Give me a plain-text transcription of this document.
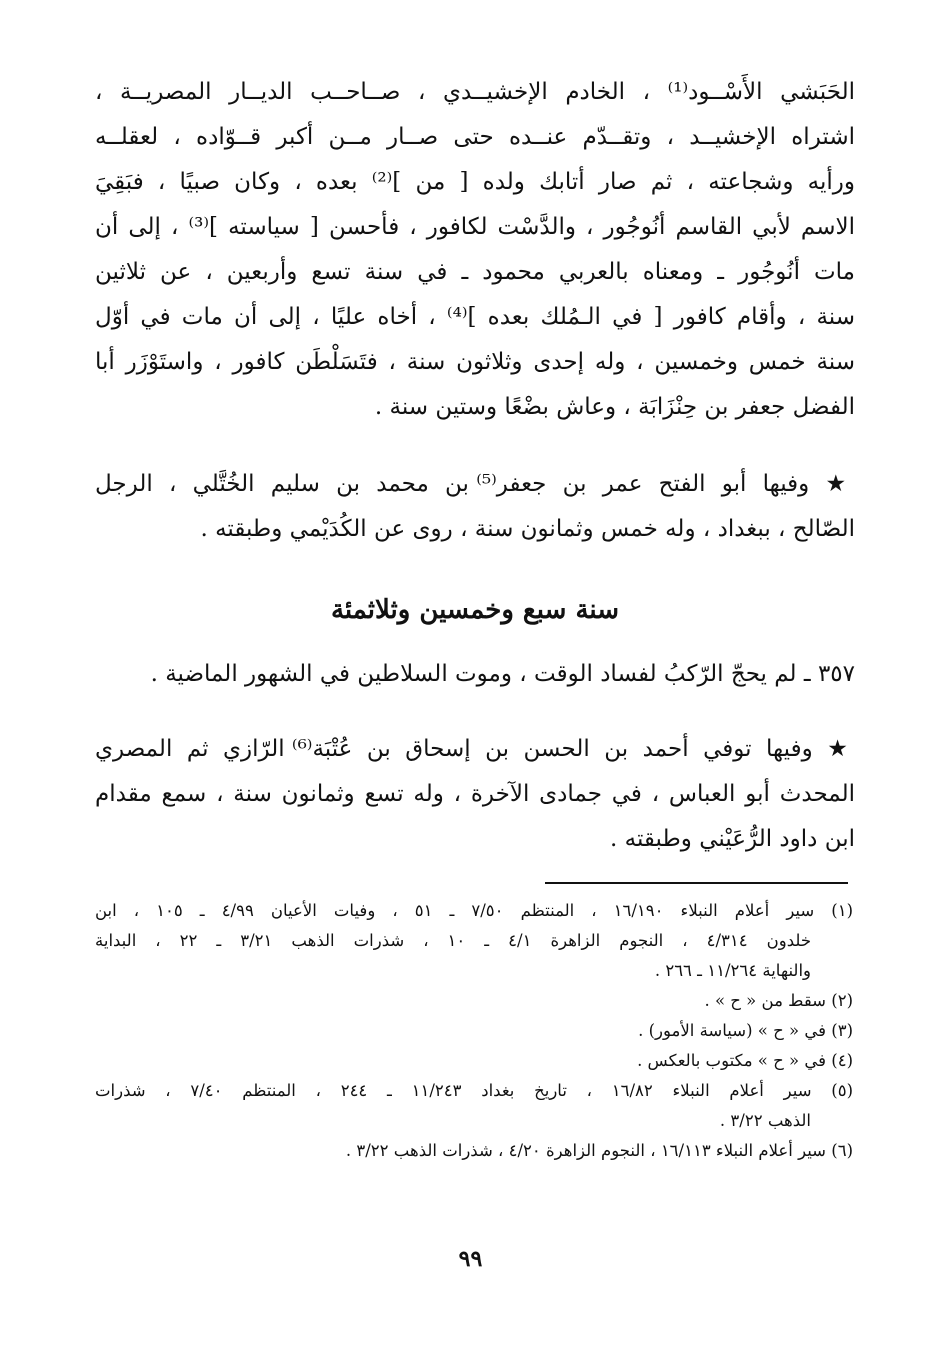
الحَبَشي الأَسْــود⁽¹⁾ ، الخادم الإخشيــدي ، صــاحــب الديــار المصريــة ،
اشتراه الإخشيــد ، وتقــدّم عنــده حتى صــار مــن أكبر قــوّاده ، لعقلــه
ورأيه وشجاعته ، ثم صار أتابك ولده [ من ]⁽²⁾ بعده ، وكان صبيًا ، فبَقِيَ
الاسم لأبي القاسم أنُوجُور ، والدَّسْت لكافور ، فأحسن [ سياسته ]⁽³⁾ ، إلى أن
مات أنُوجُور ـ ومعناه بالعربي محمود ـ في سنة تسع وأربعين ، عن ثلاثين
سنة ، وأقام كافور [ في الـمُلك بعده ]⁽⁴⁾ ، أخاه عليًا ، إلى أن مات في أوّل
سنة خمس وخمسين ، وله إحدى وثلاثون سنة ، فتَسَلْطَن كافور ، واستَوْزَر أبا
الفضل جعفر بن حِنْزَابَة ، وعاش بضْعًا وستين سنة .
★ وفيها أبو الفتح عمر بن جعفر⁽⁵⁾ بن محمد بن سليم الخُتَّلي ، الرجل
الصّالح ، ببغداد ، وله خمس وثمانون سنة ، روى عن الكُدَيْمي وطبقته .
سنة سبع وخمسين وثلاثمئة
٣٥٧ ـ لم يحجّ الرّكبُ لفساد الوقت ، وموت السلاطين في الشهور الماضية .
★ وفيها توفي أحمد بن الحسن بن إسحاق بن عُتْبَة⁽⁶⁾ الرّازي ثم المصري
المحدث أبو العباس ، في جمادى الآخرة ، وله تسع وثمانون سنة ، سمع مقدام
ابن داود الرُّعَيْني وطبقته .
(١) سير أعلام النبلاء ١٦/١٩٠ ، المنتظم ٧/٥٠ ـ ٥١ ، وفيات الأعيان ٤/٩٩ ـ ١٠٥ ، ابن
خلدون ٤/٣١٤ ، النجوم الزاهرة ٤/١ ـ ١٠ ، شذرات الذهب ٣/٢١ ـ ٢٢ ، البداية
والنهاية ١١/٢٦٤ ـ ٢٦٦ .
(٢) سقط من « ح » .
(٣) في « ح » (سياسة الأمور) .
(٤) في « ح » مكتوب بالعكس .
(٥) سير أعلام النبلاء ١٦/٨٢ ، تاريخ بغداد ١١/٢٤٣ ـ ٢٤٤ ، المنتظم ٧/٤٠ ، شذرات
الذهب ٣/٢٢ .
(٦) سير أعلام النبلاء ١٦/١١٣ ، النجوم الزاهرة ٤/٢٠ ، شذرات الذهب ٣/٢٢ .
٩٩
